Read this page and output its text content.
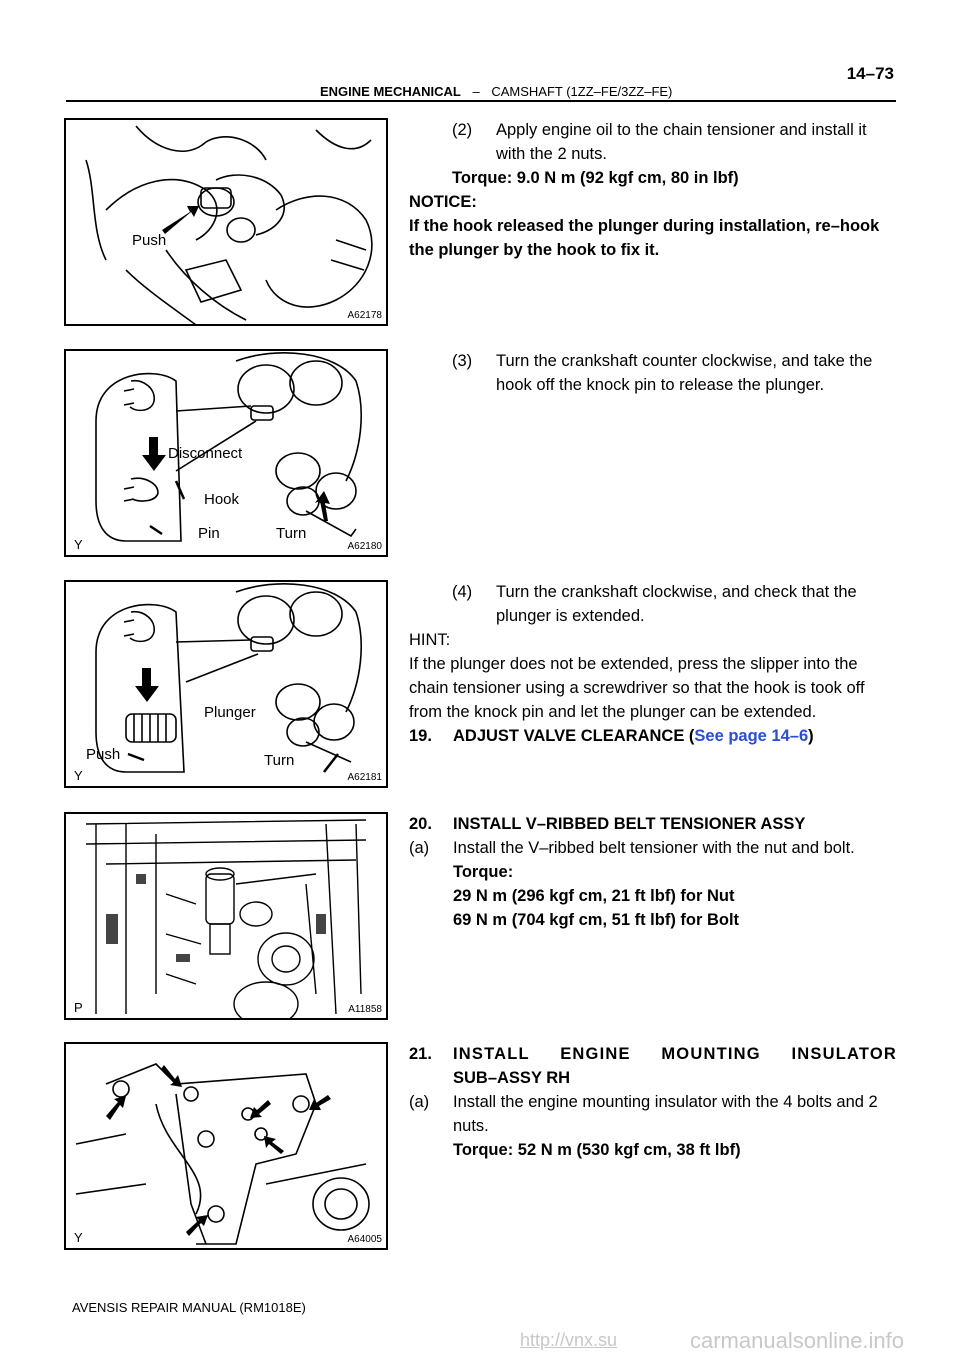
14–73
ENGINE MECHANICAL – CAMSHAFT (1ZZ–FE/3ZZ–FE)
Push
A62178
Disconnect
Hook
Pin	Turn
Y	A62180
Plunger
Push	Turn
Y	A62181
P	A11858
Y	A64005
(2) Apply engine oil to the chain tensioner and install it with the 2 nuts.
Torque: 9.0 N m (92 kgf cm, 80 in lbf)
NOTICE:
If the hook released the plunger during installation, re–hook the plunger by the hook to fix it.
(3) Turn the crankshaft counter clockwise, and take the hook off the knock pin to release the plunger.
(4) Turn the crankshaft clockwise, and check that the plunger is extended.
HINT:
If the plunger does not be extended, press the slipper into the chain tensioner using a screwdriver so that the hook is took off from the knock pin and let the plunger can be extended.
19. ADJUST VALVE CLEARANCE (See page 14–6)
20. INSTALL V–RIBBED BELT TENSIONER ASSY
(a) Install the V–ribbed belt tensioner with the nut and bolt.
Torque:
29 N m (296 kgf cm, 21 ft lbf) for Nut
69 N m (704 kgf cm, 51 ft lbf) for Bolt
21. INSTALL ENGINE MOUNTING INSULATOR
SUB–ASSY RH
(a) Install the engine mounting insulator with the 4 bolts and 2 nuts.
Torque: 52 N m (530 kgf cm, 38 ft lbf)
AVENSIS REPAIR MANUAL (RM1018E)
http://vnx.su	carmanualsonline.info
